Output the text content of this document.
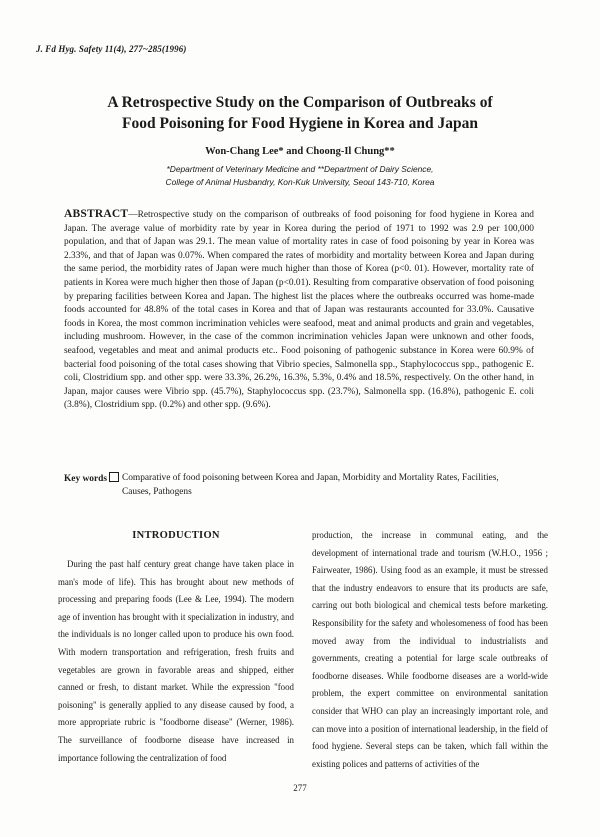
J. Fd Hyg. Safety 11(4), 277~285(1996)
A Retrospective Study on the Comparison of Outbreaks of
Food Poisoning for Food Hygiene in Korea and Japan
Won-Chang Lee* and Choong-Il Chung**
*Department of Veterinary Medicine and **Department of Dairy Science,
College of Animal Husbandry, Kon-Kuk University, Seoul 143-710, Korea

ABSTRACT—Retrospective study on the comparison of outbreaks of food poisoning for food hygiene in Korea and Japan. The average value of morbidity rate by year in Korea during the period of 1971 to 1992 was 2.9 per 100,000 population, and that of Japan was 29.1. The mean value of mortality rates in case of food poisoning by year in Korea was 2.33%, and that of Japan was 0.07%. When compared the rates of morbidity and mortality between Korea and Japan during the same period, the morbidity rates of Japan were much higher than those of Korea (p<0. 01). However, mortality rate of patients in Korea were much higher then those of Japan (p<0.01). Resulting from comparative observation of food poisoning by preparing facilities between Korea and Japan. The highest list the places where the outbreaks occurred was home-made foods accounted for 48.8% of the total cases in Korea and that of Japan was restaurants accounted for 33.0%. Causative foods in Korea, the most common incrimination vehicles were seafood, meat and animal products and grain and vegetables, including mushroom. However, in the case of the common incrimination vehicles Japan were unknown and other foods, seafood, vegetables and meat and animal products etc.. Food poisoning of pathogenic substance in Korea were 60.9% of bacterial food poisoning of the total cases showing that Vibrio species, Salmonella spp., Staphylococcus spp., pathogenic E. coli, Clostridium spp. and other spp. were 33.3%, 26.2%, 16.3%, 5.3%, 0.4% and 18.5%, respectively. On the other hand, in Japan, major causes were Vibrio spp. (45.7%), Staphylococcus spp. (23.7%), Salmonella spp. (16.8%), pathogenic E. coli (3.8%), Clostridium spp. (0.2%) and other spp. (9.6%).

Key words Comparative of food poisoning between Korea and Japan, Morbidity and Mortality Rates, Facilities, Causes, Pathogens
INTRODUCTION

During the past half century great change have taken place in man's mode of life). This has brought about new methods of processing and preparing foods (Lee & Lee, 1994). The modern age of invention has brought with it specialization in industry, and the individuals is no longer called upon to produce his own food. With modern transportation and refrigeration, fresh fruits and vegetables are grown in favorable areas and shipped, either canned or fresh, to distant market. While the expression "food poisoning" is generally applied to any disease caused by food, a more appropriate rubric is "foodborne disease" (Werner, 1986). The surveillance of foodborne disease have increased in importance following the centralization of food

production, the increase in communal eating, and the development of international trade and tourism (W.H.O., 1956 ; Fairweater, 1986). Using food as an example, it must be stressed that the industry endeavors to ensure that its products are safe, carring out both biological and chemical tests before marketing. Responsibility for the safety and wholesomeness of food has been moved away from the individual to industrialists and governments, creating a potential for large scale outbreaks of foodborne diseases. While foodborne diseases are a world-wide problem, the expert committee on environmental sanitation consider that WHO can play an increasingly important role, and can move into a position of international leadership, in the field of food hygiene. Several steps can be taken, which fall within the existing polices and patterns of activities of the

277
